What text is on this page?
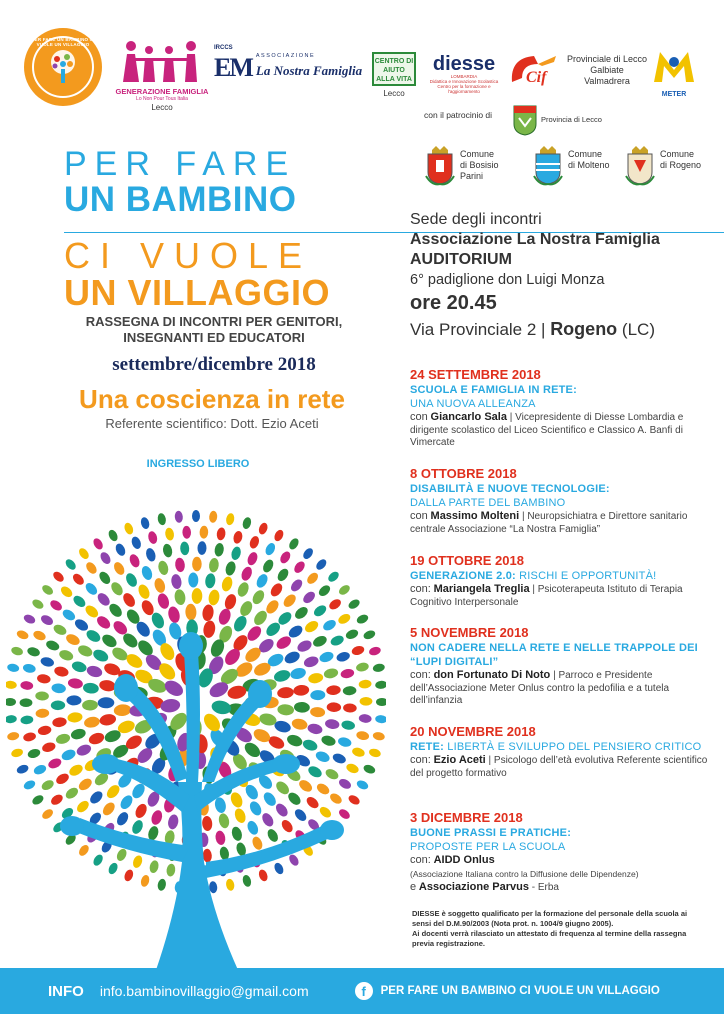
PER FARE UN BAMBINO CI VUOLE UN VILLAGGIO
GENERAZIONE FAMIGLIA
Lo Non Pour Tous Italia
Lecco
IRCCS
EM ASSOCIAZIONE
La Nostra Famiglia
CENTRO DI AIUTO ALLA VITA
Lecco
diesse
LOMBARDIA
Didattica e Innovazione Scolastica
Centro per la formazione e l'aggiornamento
Cif
Provinciale di Lecco
Galbiate
Valmadrera
METER
con il patrocinio di	Provincia di Lecco
Comune
di Bosisio
Parini
Comune
di Molteno
Comune
di Rogeno
PER FARE
UN BAMBINO
CI VUOLE
UN VILLAGGIO
RASSEGNA DI INCONTRI PER GENITORI,
INSEGNANTI ED EDUCATORI
settembre/dicembre 2018
Una coscienza in rete
Referente scientifico: Dott. Ezio Aceti
INGRESSO LIBERO
Sede degli incontri
Associazione La Nostra Famiglia
AUDITORIUM
6° padiglione don Luigi Monza
ore 20.45
Via Provinciale 2 | Rogeno (LC)
24 SETTEMBRE 2018
SCUOLA E FAMIGLIA IN RETE:
UNA NUOVA ALLEANZA
con Giancarlo Sala | Vicepresidente di Diesse Lombardia e dirigente scolastico del Liceo Scientifico e Classico A. Banfi di Vimercate
8 OTTOBRE 2018
DISABILITÀ E NUOVE TECNOLOGIE:
DALLA PARTE DEL BAMBINO
con Massimo Molteni | Neuropsichiatra e Direttore sanitario centrale Associazione “La Nostra Famiglia”
19 OTTOBRE 2018
GENERAZIONE 2.0: RISCHI E OPPORTUNITÀ!
con: Mariangela Treglia | Psicoterapeuta Istituto di Terapia Cognitivo Interpersonale
5 NOVEMBRE 2018
NON CADERE NELLA RETE E NELLE TRAPPOLE DEI “LUPI DIGITALI”
con: don Fortunato Di Noto | Parroco e Presidente dell’Associazione Meter Onlus contro la pedofilia e a tutela dell’infanzia
20 NOVEMBRE 2018
RETE: LIBERTÀ E SVILUPPO DEL PENSIERO CRITICO
con: Ezio Aceti | Psicologo dell’età evolutiva Referente scientifico del progetto formativo
3 DICEMBRE 2018
BUONE PRASSI E PRATICHE:
PROPOSTE PER LA SCUOLA
con: AIDD Onlus
(Associazione Italiana contro la Diffusione delle Dipendenze)
e Associazione Parvus - Erba
DIESSE è soggetto qualificato per la formazione del personale della scuola ai sensi del D.M.90/2003 (Nota prot. n. 1004/9 giugno 2005).
Ai docenti verrà rilasciato un attestato di frequenza al termine della rassegna previa registrazione.
INFO info.bambinovillaggio@gmail.com	f	PER FARE UN BAMBINO CI VUOLE UN VILLAGGIO
